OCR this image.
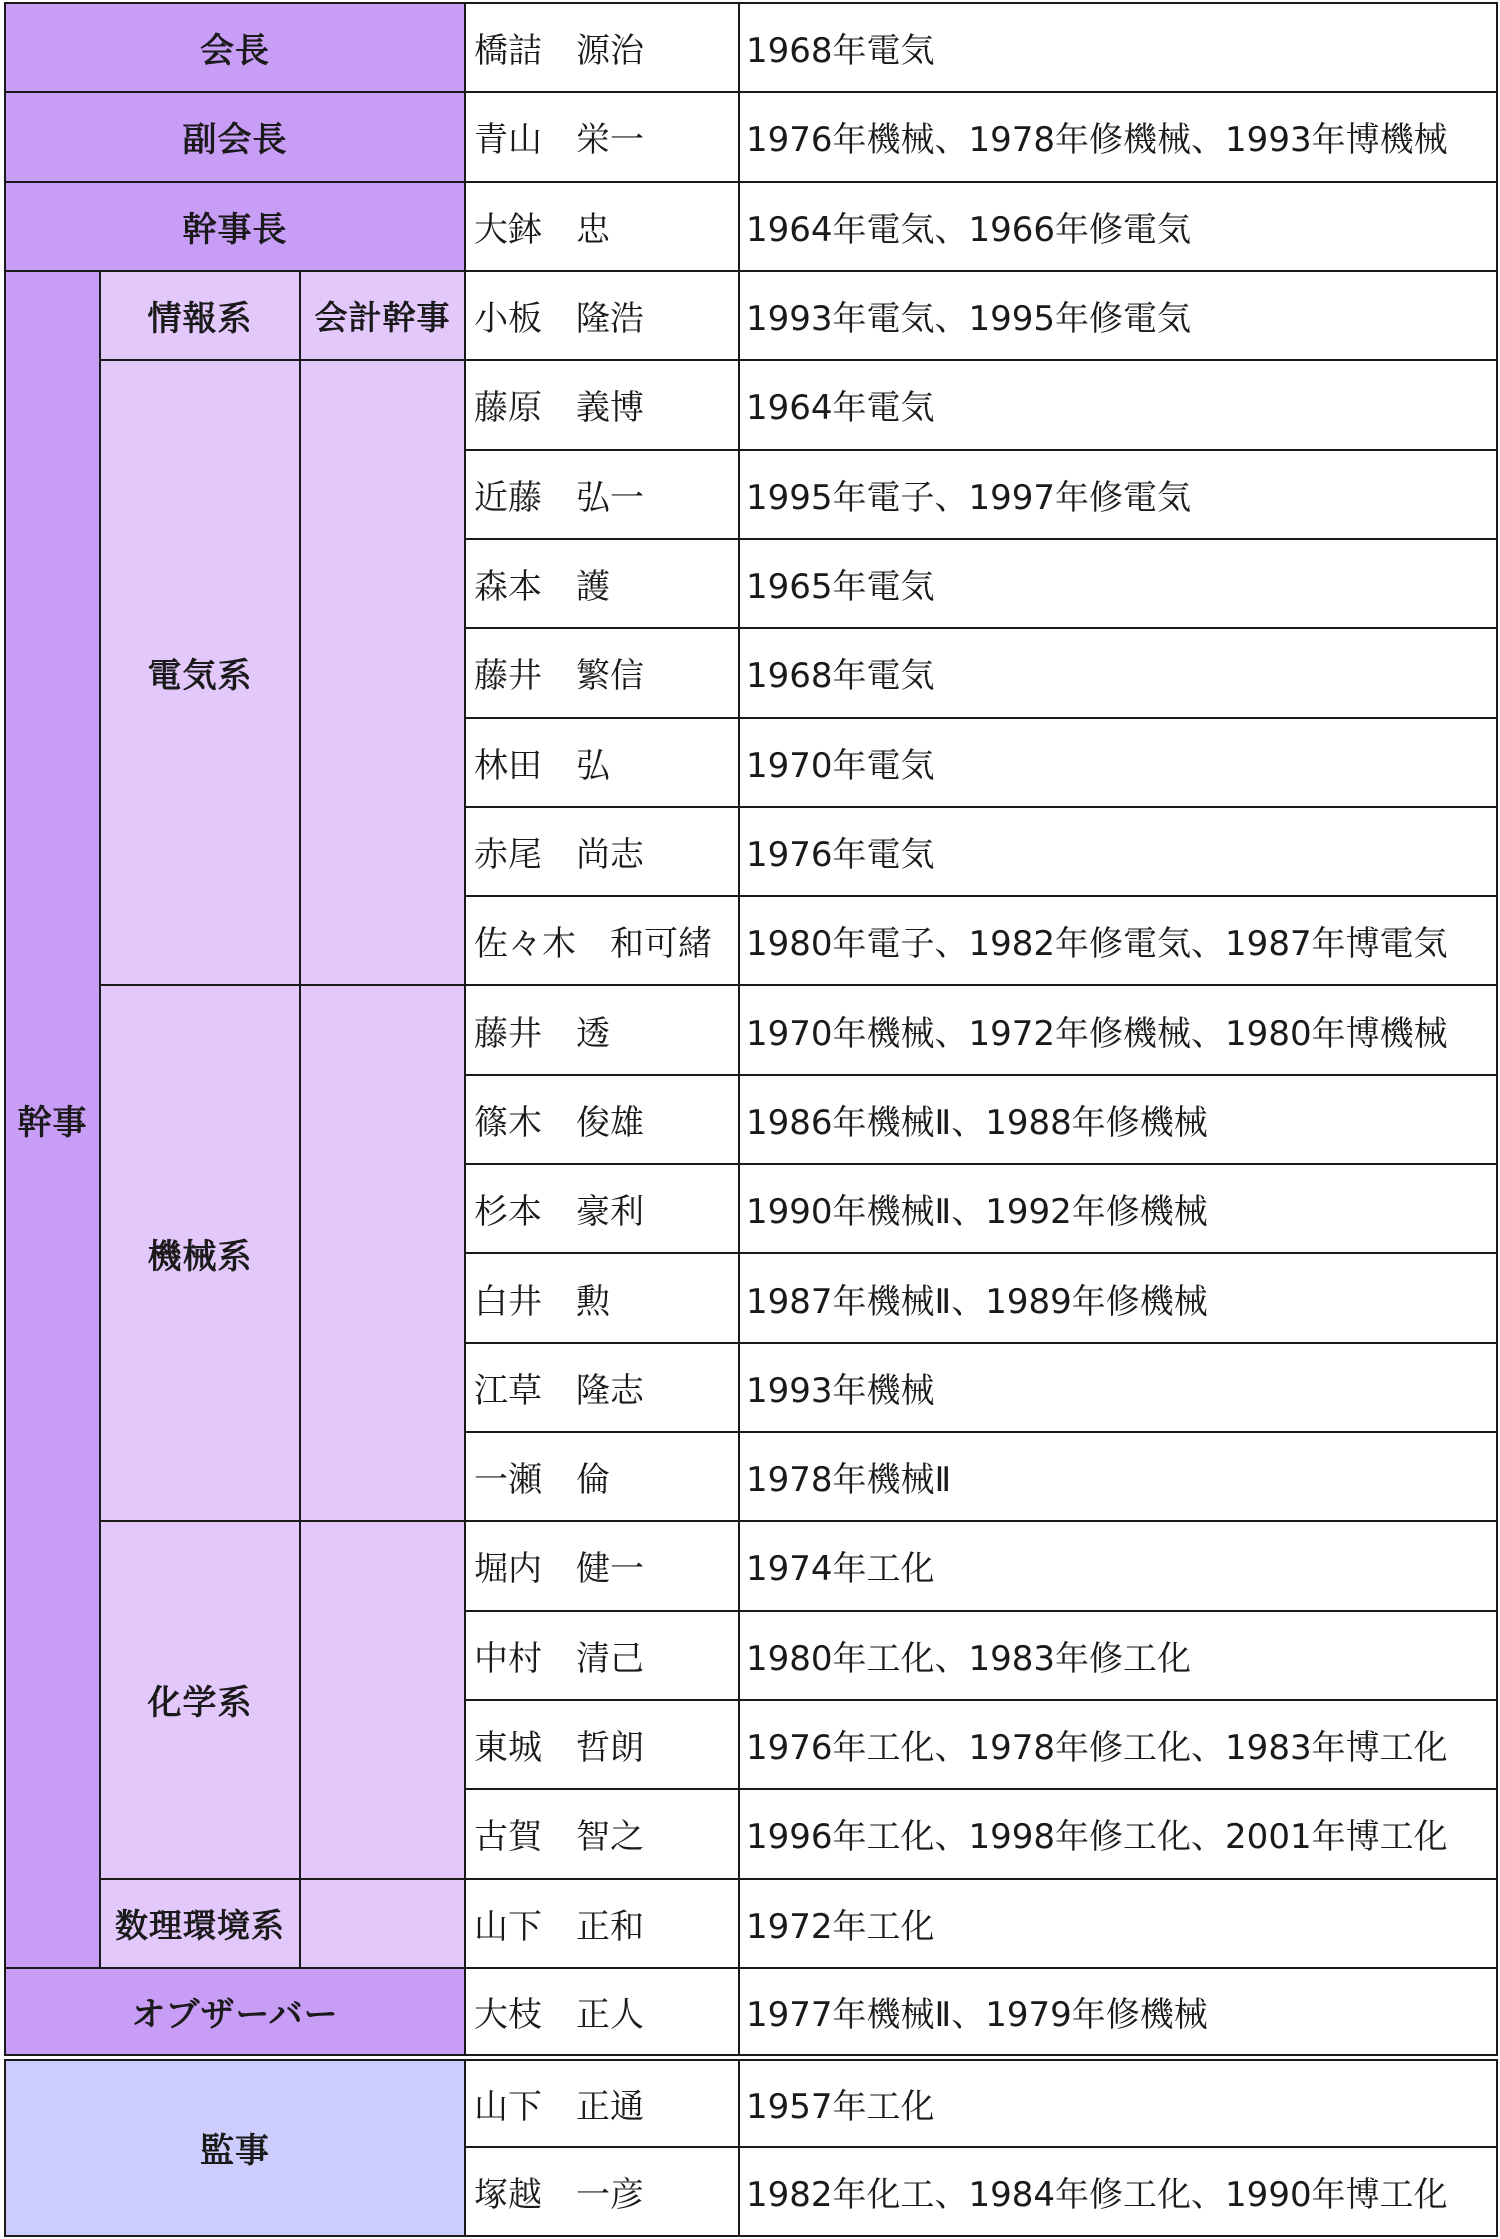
会長			橋詰　源治	1968年電気
副会長			青山　栄一	1976年機械、1978年修機械、1993年博機械
幹事長			大鉢　忠	1964年電気、1966年修電気
幹事	情報系	会計幹事	小板　隆浩	1993年電気、1995年修電気
	電気系		藤原　義博	1964年電気
			近藤　弘一	1995年電子、1997年修電気
			森本　護	1965年電気
			藤井　繁信	1968年電気
			林田　弘	1970年電気
			赤尾　尚志	1976年電気
			佐々木　和可緒	1980年電子、1982年修電気、1987年博電気
	機械系		藤井　透	1970年機械、1972年修機械、1980年博機械
			篠木　俊雄	1986年機械Ⅱ、1988年修機械
			杉本　豪利	1990年機械Ⅱ、1992年修機械
			白井　勲	1987年機械Ⅱ、1989年修機械
			江草　隆志	1993年機械
			一瀬　倫	1978年機械Ⅱ
	化学系		堀内　健一	1974年工化
			中村　清己	1980年工化、1983年修工化
			東城　哲朗	1976年工化、1978年修工化、1983年博工化
			古賀　智之	1996年工化、1998年修工化、2001年博工化
	数理環境系		山下　正和	1972年工化
オブザーバー			大枝　正人	1977年機械Ⅱ、1979年修機械
監事			山下　正通	1957年工化
			塚越　一彦	1982年化工、1984年修工化、1990年博工化
